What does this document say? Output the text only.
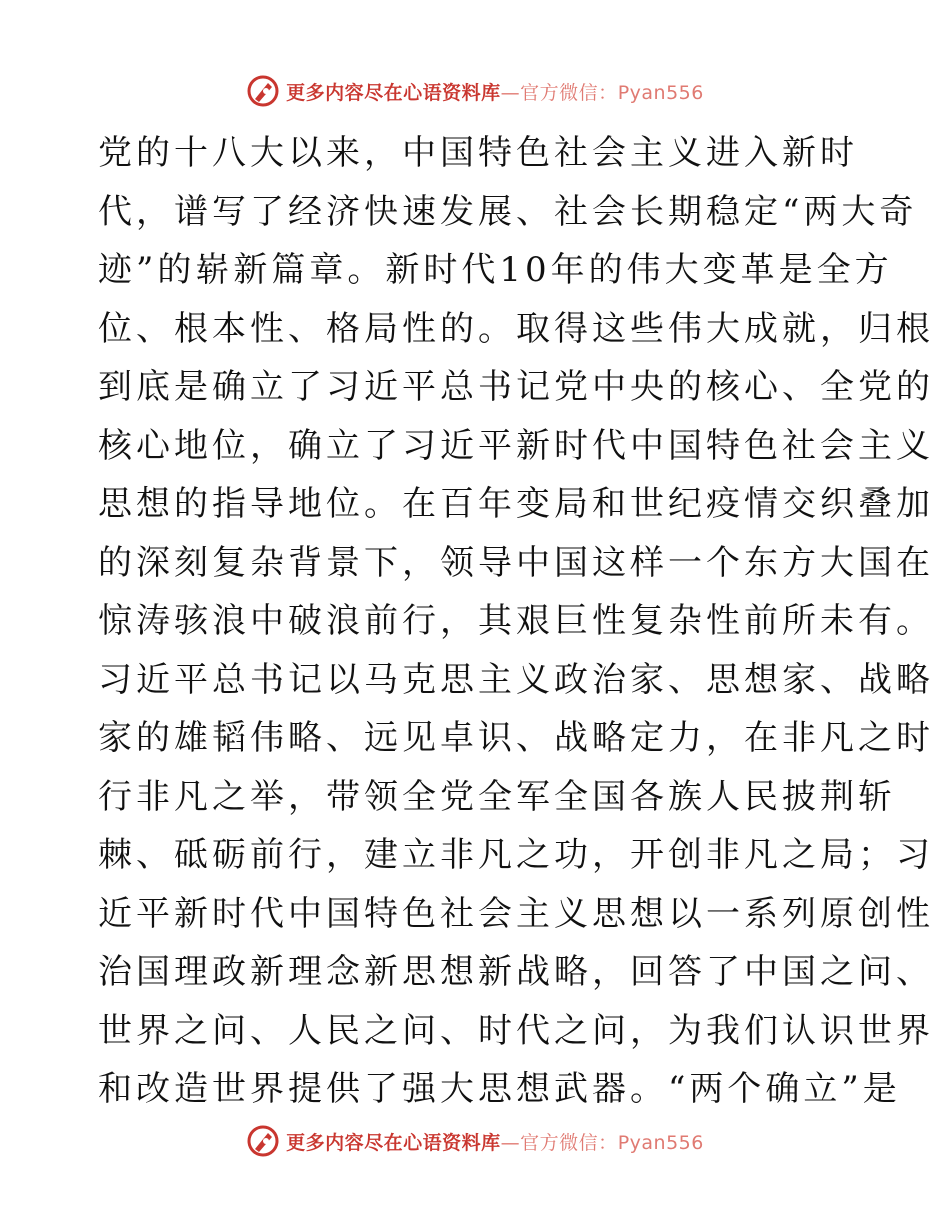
更多内容尽在心语资料库—官方微信：Pyan556
党的十八大以来，中国特色社会主义进入新时
代，谱写了经济快速发展、社会长期稳定“两大奇
迹”的崭新篇章。新时代10年的伟大变革是全方
位、根本性、格局性的。取得这些伟大成就，归根
到底是确立了习近平总书记党中央的核心、全党的
核心地位，确立了习近平新时代中国特色社会主义
思想的指导地位。在百年变局和世纪疫情交织叠加
的深刻复杂背景下，领导中国这样一个东方大国在
惊涛骇浪中破浪前行，其艰巨性复杂性前所未有。
习近平总书记以马克思主义政治家、思想家、战略
家的雄韬伟略、远见卓识、战略定力，在非凡之时
行非凡之举，带领全党全军全国各族人民披荆斩
棘、砥砺前行，建立非凡之功，开创非凡之局；习
近平新时代中国特色社会主义思想以一系列原创性
治国理政新理念新思想新战略，回答了中国之问、
世界之问、人民之问、时代之问，为我们认识世界
和改造世界提供了强大思想武器。“两个确立”是
更多内容尽在心语资料库—官方微信：Pyan556
